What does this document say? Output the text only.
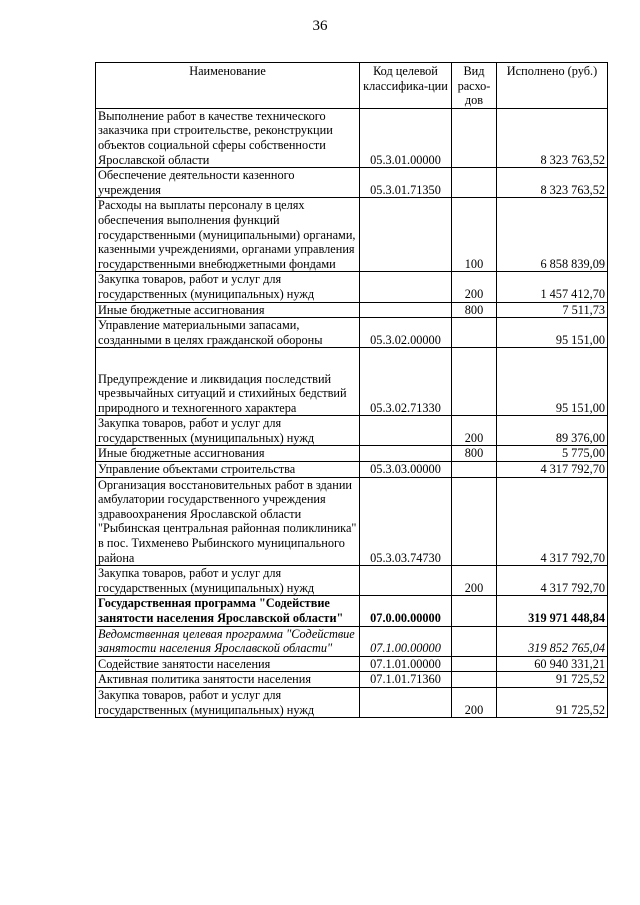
36
Наименование	Код целевой классифика-ции	Вид расхо-дов	Исполнено (руб.)
Выполнение работ в качестве технического заказчика при строительстве, реконструкции объектов социальной сферы собственности Ярославской области	05.3.01.00000		8 323 763,52
Обеспечение деятельности казенного учреждения	05.3.01.71350		8 323 763,52
Расходы на выплаты персоналу в целях обеспечения выполнения функций государственными (муниципальными) органами, казенными учреждениями, органами управления государственными внебюджетными фондами		100	6 858 839,09
Закупка товаров, работ и услуг для государственных (муниципальных) нужд		200	1 457 412,70
Иные бюджетные ассигнования		800	7 511,73
Управление материальными запасами, созданными в целях гражданской обороны	05.3.02.00000		95 151,00
Предупреждение и ликвидация последствий чрезвычайных ситуаций и стихийных бедствий природного и техногенного характера	05.3.02.71330		95 151,00
Закупка товаров, работ и услуг для государственных (муниципальных) нужд		200	89 376,00
Иные бюджетные ассигнования		800	5 775,00
Управление объектами строительства	05.3.03.00000		4 317 792,70
Организация восстановительных работ в здании амбулатории государственного учреждения здравоохранения Ярославской области "Рыбинская центральная районная поликлиника" в пос. Тихменево Рыбинского муниципального района	05.3.03.74730		4 317 792,70
Закупка товаров, работ и услуг для государственных (муниципальных) нужд		200	4 317 792,70
Государственная программа "Содействие занятости населения Ярославской области"	07.0.00.00000		319 971 448,84
Ведомственная целевая программа "Содействие занятости населения Ярославской области"	07.1.00.00000		319 852 765,04
Содействие занятости населения	07.1.01.00000		60 940 331,21
Активная политика занятости населения	07.1.01.71360		91 725,52
Закупка товаров, работ и услуг для государственных (муниципальных) нужд		200	91 725,52
